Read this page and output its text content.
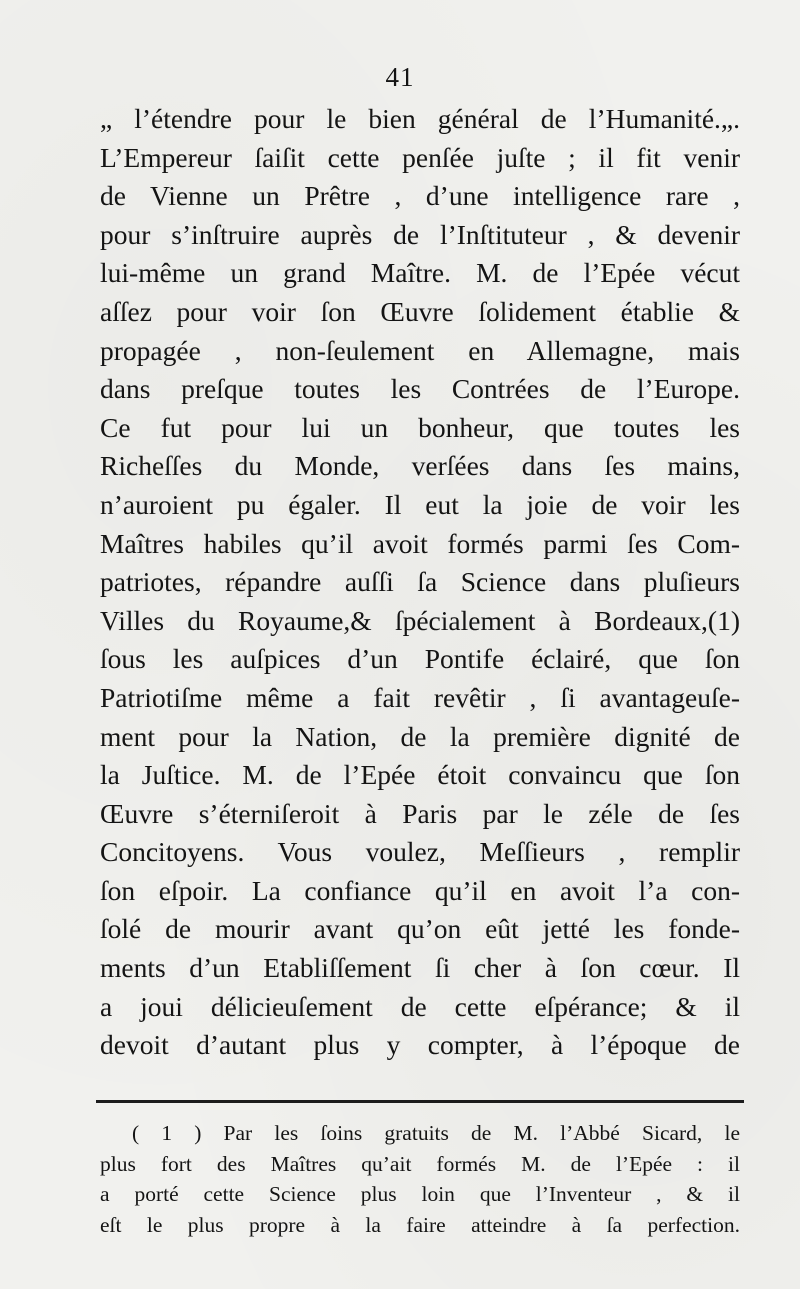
41
„ l’étendre pour le bien général de l’Humanité.„.
L’Empereur ſaiſit cette penſée juſte ; il fit venir
de Vienne un Prêtre , d’une intelligence rare ,
pour s’inſtruire auprès de l’Inſtituteur , & devenir
lui-même un grand Maître. M. de l’Epée vécut
aſſez pour voir ſon Œuvre ſolidement établie &
propagée , non-ſeulement en Allemagne, mais
dans preſque toutes les Contrées de l’Europe.
Ce fut pour lui un bonheur, que toutes les
Richeſſes du Monde, verſées dans ſes mains,
n’auroient pu égaler. Il eut la joie de voir les
Maîtres habiles qu’il avoit formés parmi ſes Com-
patriotes, répandre auſſi ſa Science dans pluſieurs
Villes du Royaume,& ſpécialement à Bordeaux,(1)
ſous les auſpices d’un Pontife éclairé, que ſon
Patriotiſme même a fait revêtir , ſi avantageuſe-
ment pour la Nation, de la première dignité de
la Juſtice. M. de l’Epée étoit convaincu que ſon
Œuvre s’éterniſeroit à Paris par le zéle de ſes
Concitoyens. Vous voulez, Meſſieurs , remplir
ſon eſpoir. La confiance qu’il en avoit l’a con-
ſolé de mourir avant qu’on eût jetté les fonde-
ments d’un Etabliſſement ſi cher à ſon cœur. Il
a joui délicieuſement de cette eſpérance; & il
devoit d’autant plus y compter, à l’époque de
( 1 ) Par les ſoins gratuits de M. l’Abbé Sicard, le
plus fort des Maîtres qu’ait formés M. de l’Epée : il
a porté cette Science plus loin que l’Inventeur , & il
eſt le plus propre à la faire atteindre à ſa perfection.
